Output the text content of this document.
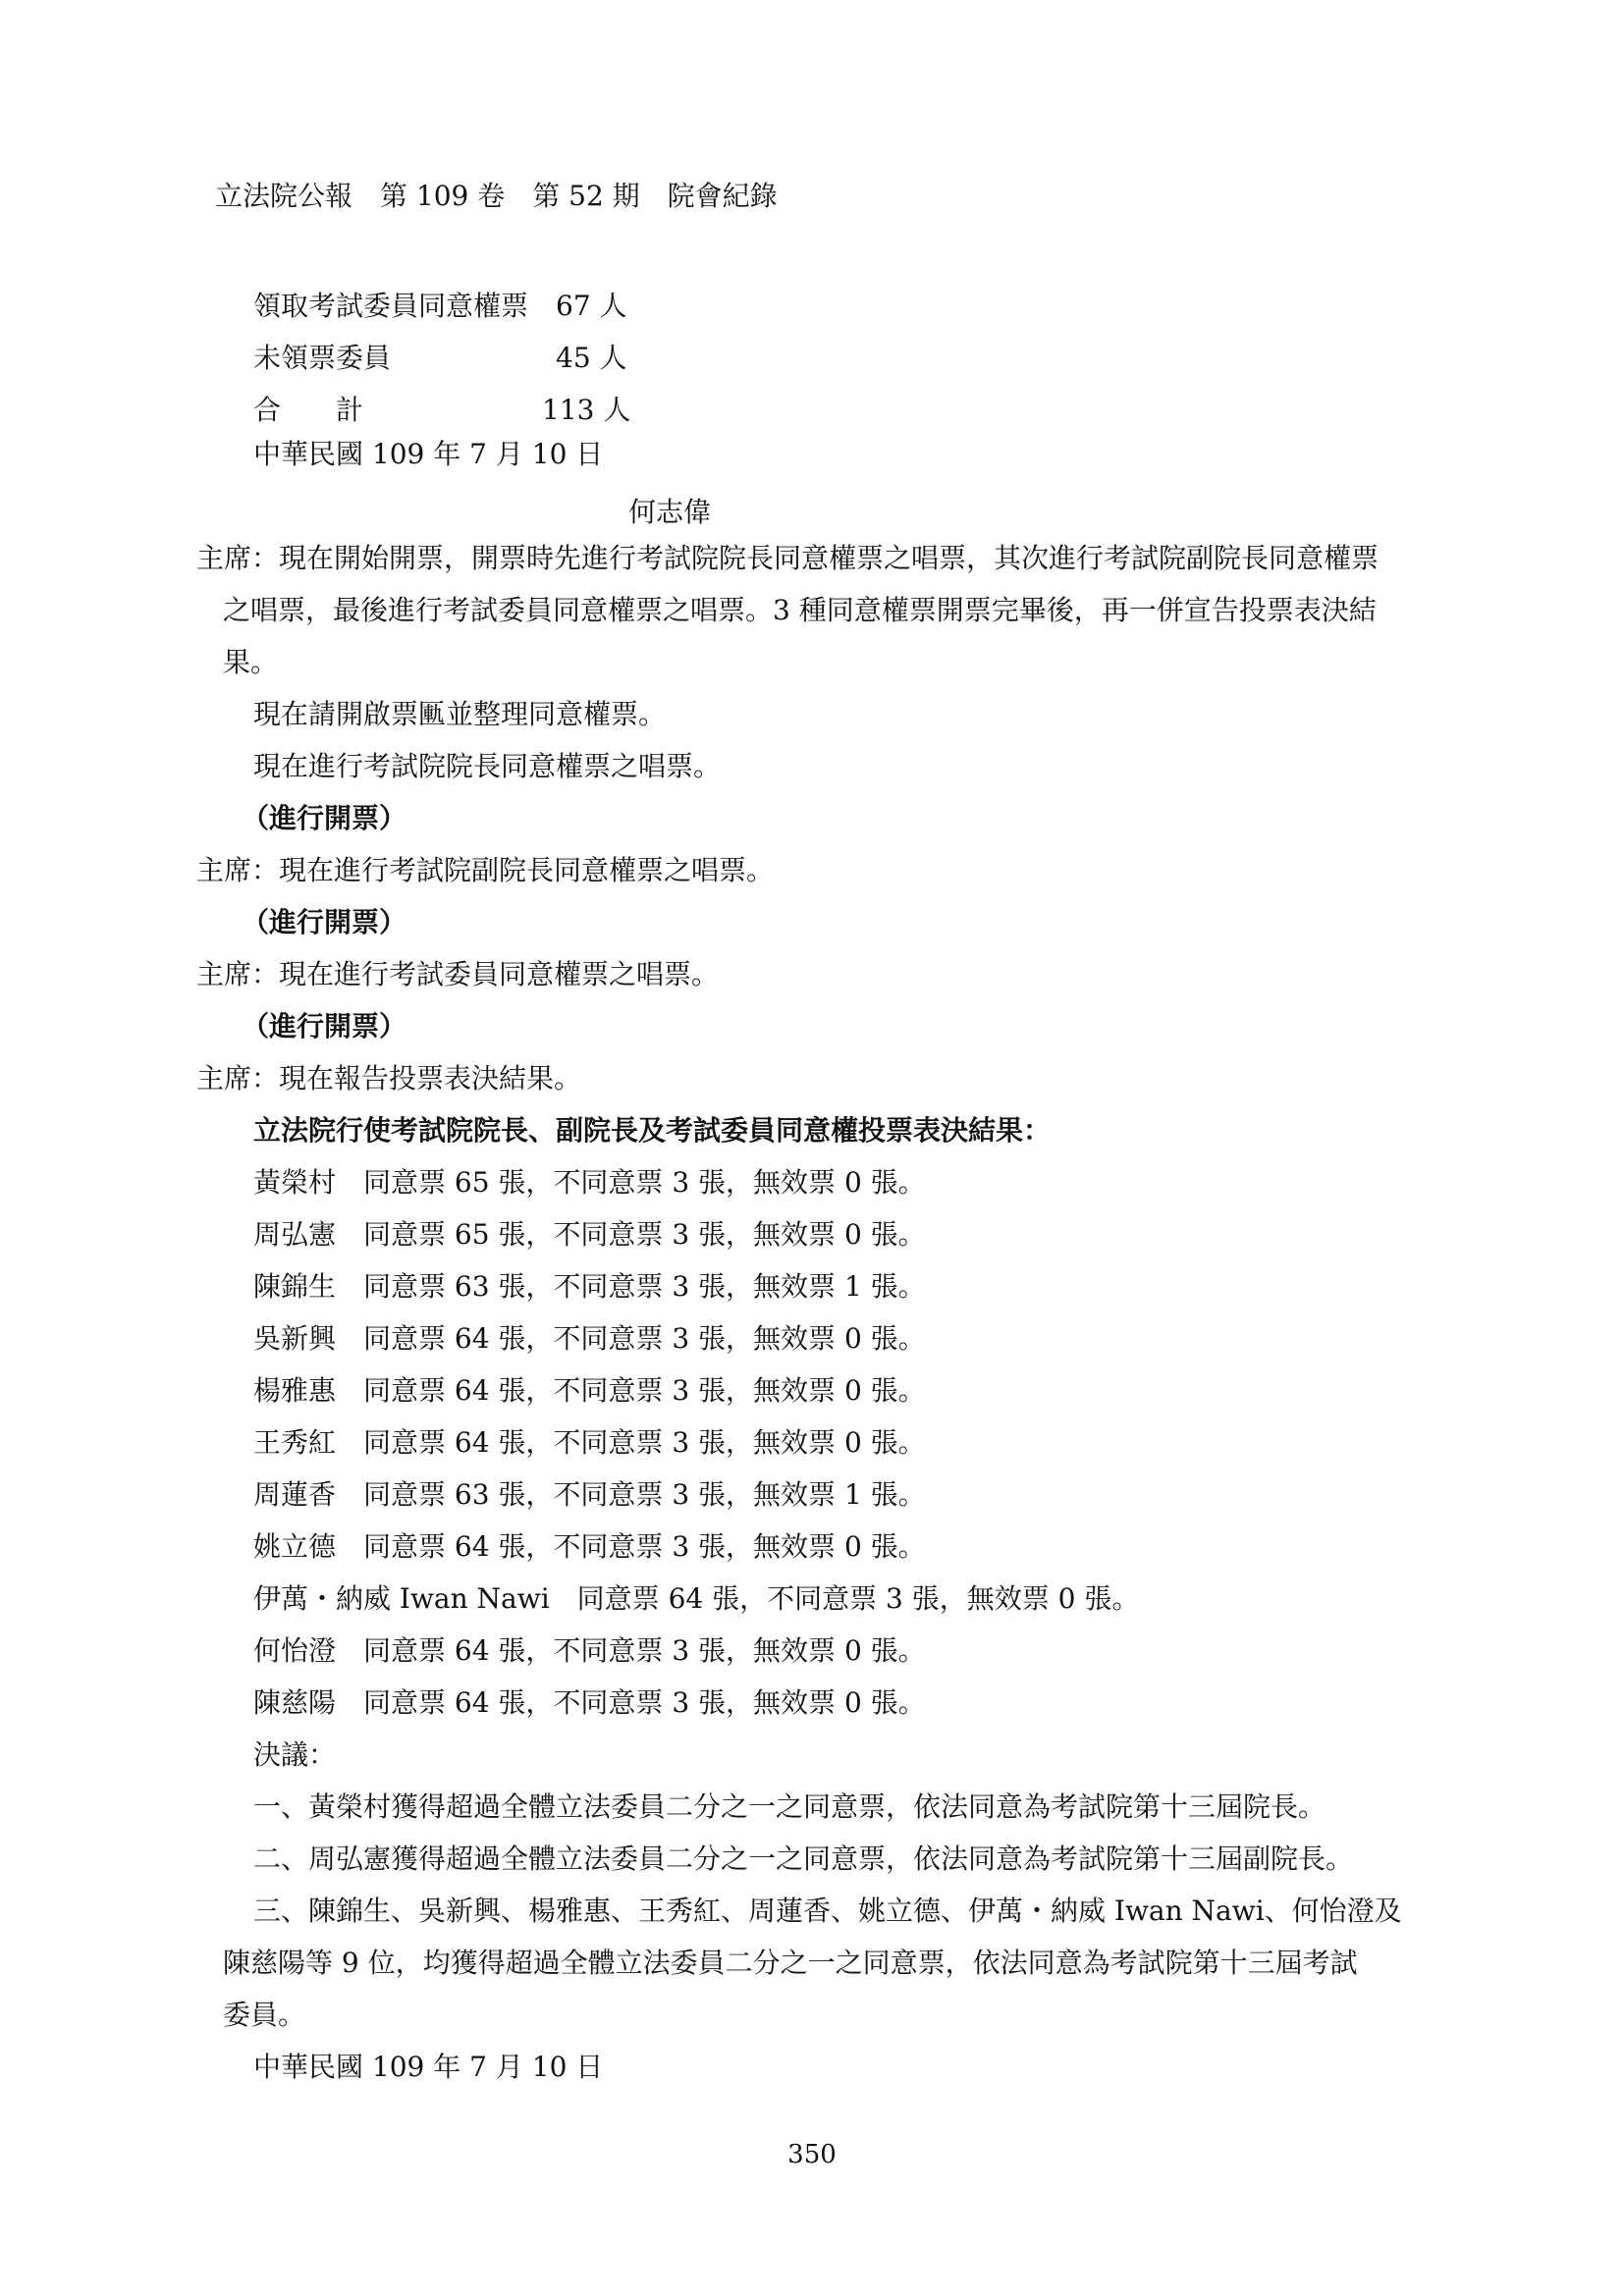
立法院公報　第 109 卷　第 52 期　院會紀錄
領取考試委員同意權票 67 人
未領票委員	45 人
合　　計	113 人
中華民國 109 年 7 月 10 日
何志偉
主席：現在開始開票，開票時先進行考試院院長同意權票之唱票，其次進行考試院副院長同意權票
之唱票，最後進行考試委員同意權票之唱票。3 種同意權票開票完畢後，再一併宣告投票表決結
果。
現在請開啟票匭並整理同意權票。
現在進行考試院院長同意權票之唱票。
（進行開票）
主席：現在進行考試院副院長同意權票之唱票。
（進行開票）
主席：現在進行考試委員同意權票之唱票。
（進行開票）
主席：現在報告投票表決結果。
立法院行使考試院院長、副院長及考試委員同意權投票表決結果：
黃榮村　同意票 65 張，不同意票 3 張，無效票 0 張。
周弘憲　同意票 65 張，不同意票 3 張，無效票 0 張。
陳錦生　同意票 63 張，不同意票 3 張，無效票 1 張。
吳新興　同意票 64 張，不同意票 3 張，無效票 0 張。
楊雅惠　同意票 64 張，不同意票 3 張，無效票 0 張。
王秀紅　同意票 64 張，不同意票 3 張，無效票 0 張。
周蓮香　同意票 63 張，不同意票 3 張，無效票 1 張。
姚立德　同意票 64 張，不同意票 3 張，無效票 0 張。
伊萬・納威 Iwan Nawi　同意票 64 張，不同意票 3 張，無效票 0 張。
何怡澄　同意票 64 張，不同意票 3 張，無效票 0 張。
陳慈陽　同意票 64 張，不同意票 3 張，無效票 0 張。
決議：
一、黃榮村獲得超過全體立法委員二分之一之同意票，依法同意為考試院第十三屆院長。
二、周弘憲獲得超過全體立法委員二分之一之同意票，依法同意為考試院第十三屆副院長。
三、陳錦生、吳新興、楊雅惠、王秀紅、周蓮香、姚立德、伊萬・納威 Iwan Nawi、何怡澄及
陳慈陽等 9 位，均獲得超過全體立法委員二分之一之同意票，依法同意為考試院第十三屆考試
委員。
中華民國 109 年 7 月 10 日
350
